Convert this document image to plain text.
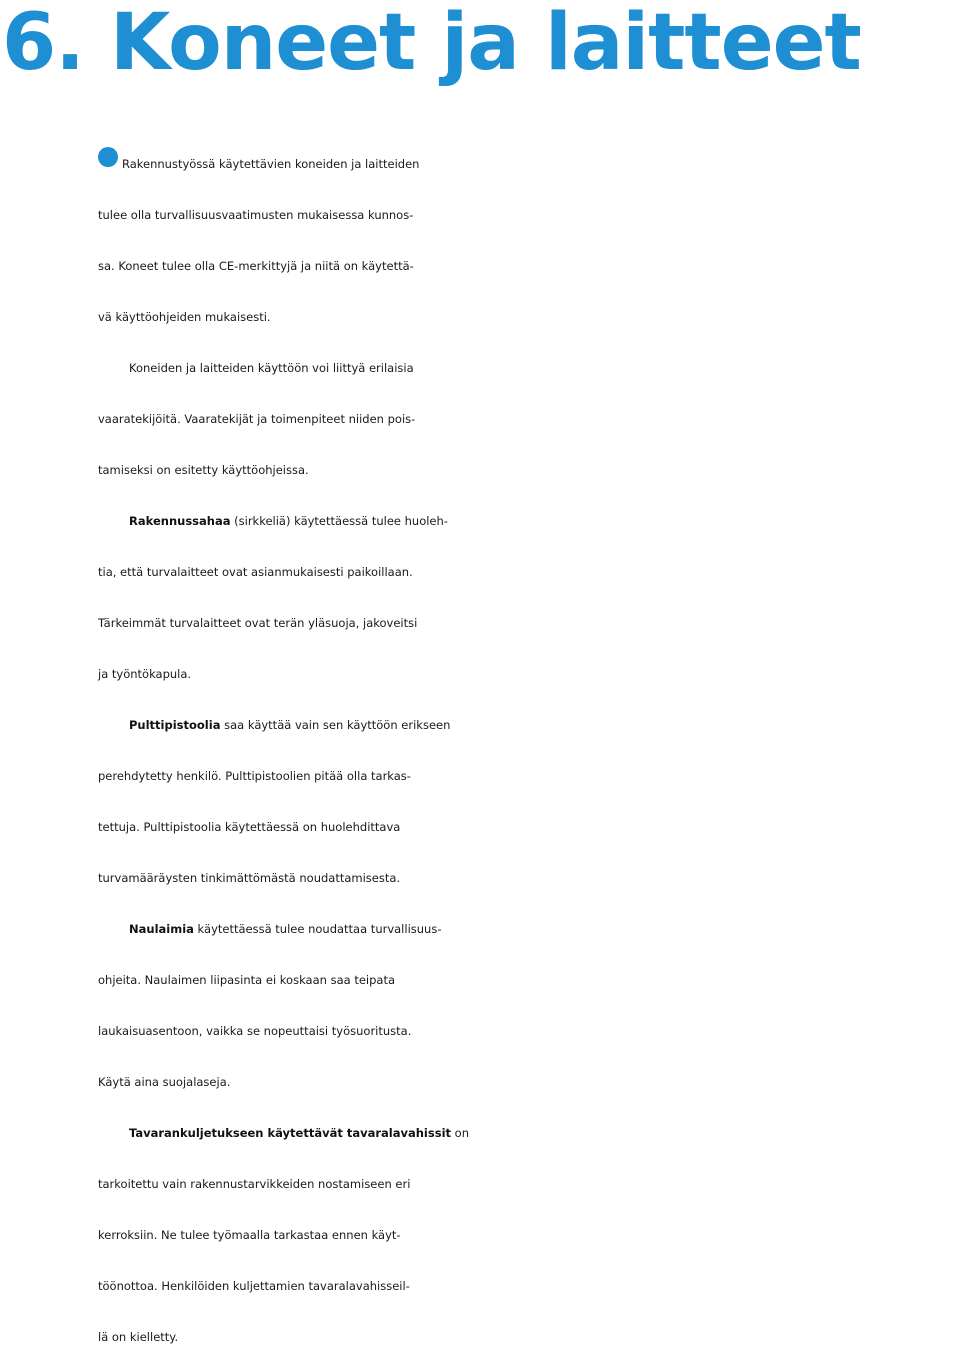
6. Koneet ja laitteet

Rakennustyössä käytettävien koneiden ja laitteiden
tulee olla turvallisuusvaatimusten mukaisessa kunnos-
sa. Koneet tulee olla CE-merkittyjä ja niitä on käytettä-
vä käyttöohjeiden mukaisesti.

Koneiden ja laitteiden käyttöön voi liittyä erilaisia
vaaratekijöitä. Vaaratekijät ja toimenpiteet niiden pois-
tamiseksi on esitetty käyttöohjeissa.

Rakennussahaa (sirkkeliä) käytettäessä tulee huoleh-
tia, että turvalaitteet ovat asianmukaisesti paikoillaan.
Tärkeimmät turvalaitteet ovat terän yläsuoja, jakoveitsi
ja työntökapula.

Pulttipistoolia saa käyttää vain sen käyttöön erikseen
perehdytetty henkilö. Pulttipistoolien pitää olla tarkas-
tettuja. Pulttipistoolia käytettäessä on huolehdittava
turvamääräysten tinkimättömästä noudattamisesta.

Naulaimia käytettäessä tulee noudattaa turvallisuus-
ohjeita. Naulaimen liipasinta ei koskaan saa teipata
laukaisuasentoon, vaikka se nopeuttaisi työsuoritusta.
Käytä aina suojalaseja.

Tavarankuljetukseen käytettävät tavaralavahissit on
tarkoitettu vain rakennustarvikkeiden nostamiseen eri
kerroksiin. Ne tulee työmaalla tarkastaa ennen käyt-
töönottoa. Henkilöiden kuljettamien tavaralavahisseil-
lä on kielletty.
